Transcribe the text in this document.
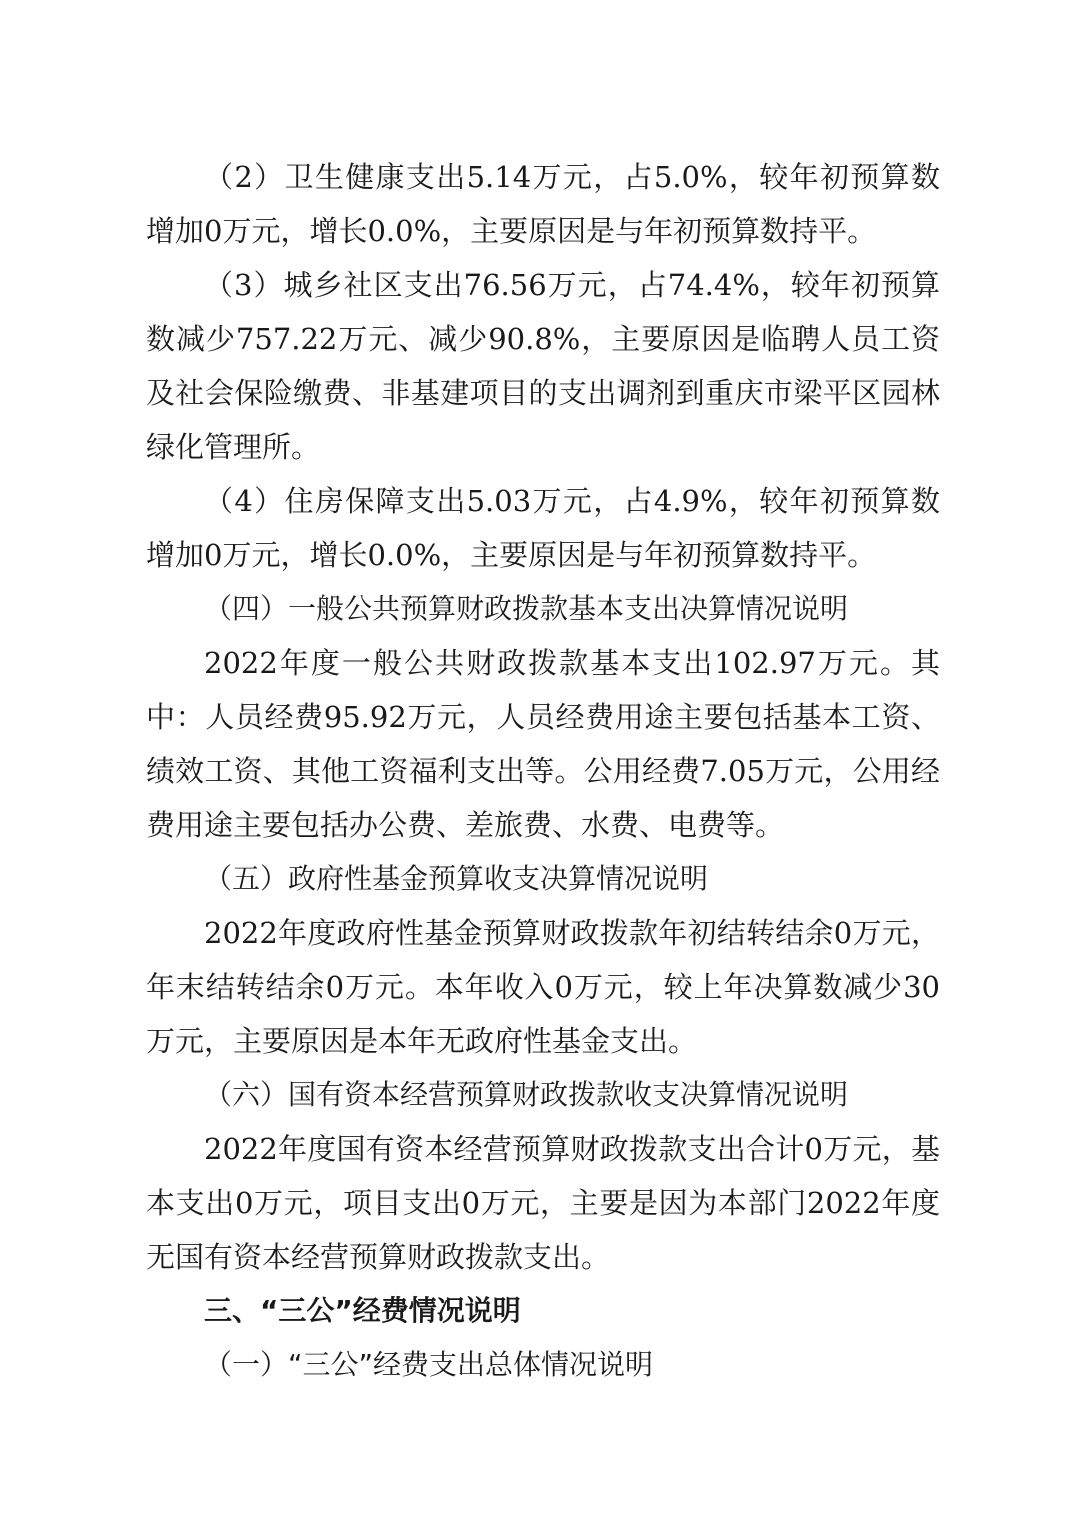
（2）卫生健康支出5.14万元，占5.0%，较年初预算数增加0万元，增长0.0%，主要原因是与年初预算数持平。

（3）城乡社区支出76.56万元，占74.4%，较年初预算数减少757.22万元、减少90.8%，主要原因是临聘人员工资及社会保险缴费、非基建项目的支出调剂到重庆市梁平区园林绿化管理所。

（4）住房保障支出5.03万元，占4.9%，较年初预算数增加0万元，增长0.0%，主要原因是与年初预算数持平。

（四）一般公共预算财政拨款基本支出决算情况说明

2022年度一般公共财政拨款基本支出102.97万元。其中：人员经费95.92万元，人员经费用途主要包括基本工资、绩效工资、其他工资福利支出等。公用经费7.05万元，公用经费用途主要包括办公费、差旅费、水费、电费等。

（五）政府性基金预算收支决算情况说明

2022年度政府性基金预算财政拨款年初结转结余0万元，年末结转结余0万元。本年收入0万元，较上年决算数减少30万元，主要原因是本年无政府性基金支出。

（六）国有资本经营预算财政拨款收支决算情况说明

2022年度国有资本经营预算财政拨款支出合计0万元，基本支出0万元，项目支出0万元，主要是因为本部门2022年度无国有资本经营预算财政拨款支出。

三、“三公”经费情况说明

（一）“三公”经费支出总体情况说明
